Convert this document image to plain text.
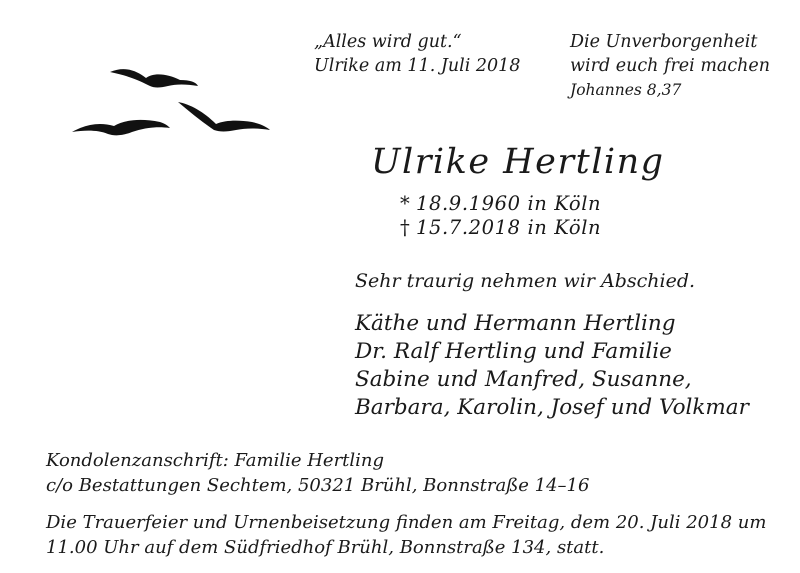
„Alles wird gut.“
Ulrike am 11. Juli 2018
Die Unverborgenheit
wird euch frei machen
Johannes 8,37
Ulrike Hertling
* 18.9.1960 in Köln
† 15.7.2018 in Köln
Sehr traurig nehmen wir Abschied.
Käthe und Hermann Hertling
Dr. Ralf Hertling und Familie
Sabine und Manfred, Susanne,
Barbara, Karolin, Josef und Volkmar
Kondolenzanschrift: Familie Hertling
c/o Bestattungen Sechtem, 50321 Brühl, Bonnstraße 14–16
Die Trauerfeier und Urnenbeisetzung finden am Freitag, dem 20. Juli 2018 um
11.00 Uhr auf dem Südfriedhof Brühl, Bonnstraße 134, statt.
